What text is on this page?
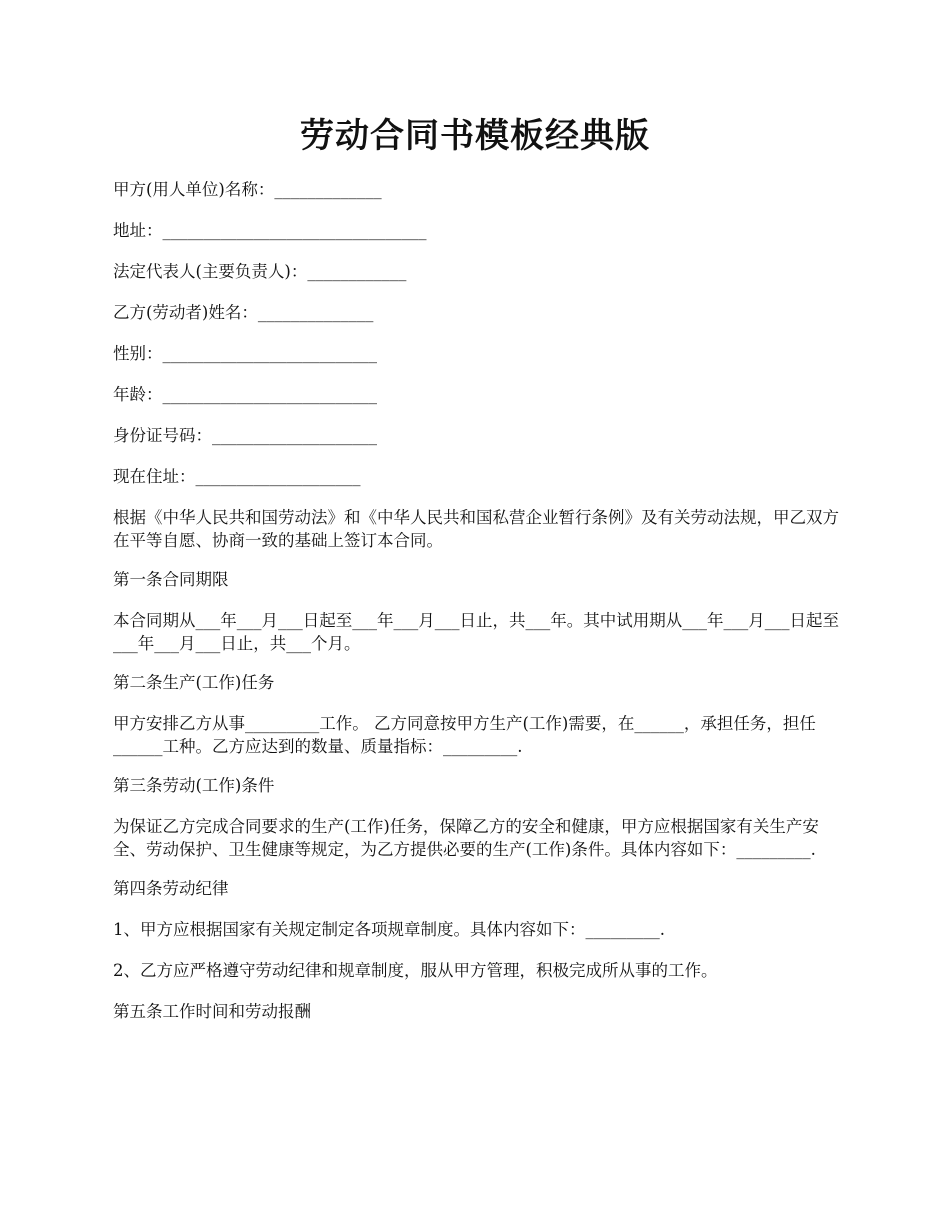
劳动合同书模板经典版
甲方(用人单位)名称：_____________
地址：________________________________
法定代表人(主要负责人)：____________
乙方(劳动者)姓名：______________
性别：__________________________
年龄：__________________________
身份证号码：____________________
现在住址：____________________
根据《中华人民共和国劳动法》和《中华人民共和国私营企业暂行条例》及有关劳动法规，甲乙双方在平等自愿、协商一致的基础上签订本合同。
第一条合同期限
本合同期从___年___月___日起至___年___月___日止，共___年。其中试用期从___年___月___日起至___年___月___日止，共___个月。
第二条生产(工作)任务
甲方安排乙方从事_________工作。 乙方同意按甲方生产(工作)需要，在______，承担任务，担任______工种。乙方应达到的数量、质量指标：_________.
第三条劳动(工作)条件
为保证乙方完成合同要求的生产(工作)任务，保障乙方的安全和健康，甲方应根据国家有关生产安全、劳动保护、卫生健康等规定，为乙方提供必要的生产(工作)条件。具体内容如下：_________.
第四条劳动纪律
1、甲方应根据国家有关规定制定各项规章制度。具体内容如下：_________.
2、乙方应严格遵守劳动纪律和规章制度，服从甲方管理，积极完成所从事的工作。
第五条工作时间和劳动报酬
